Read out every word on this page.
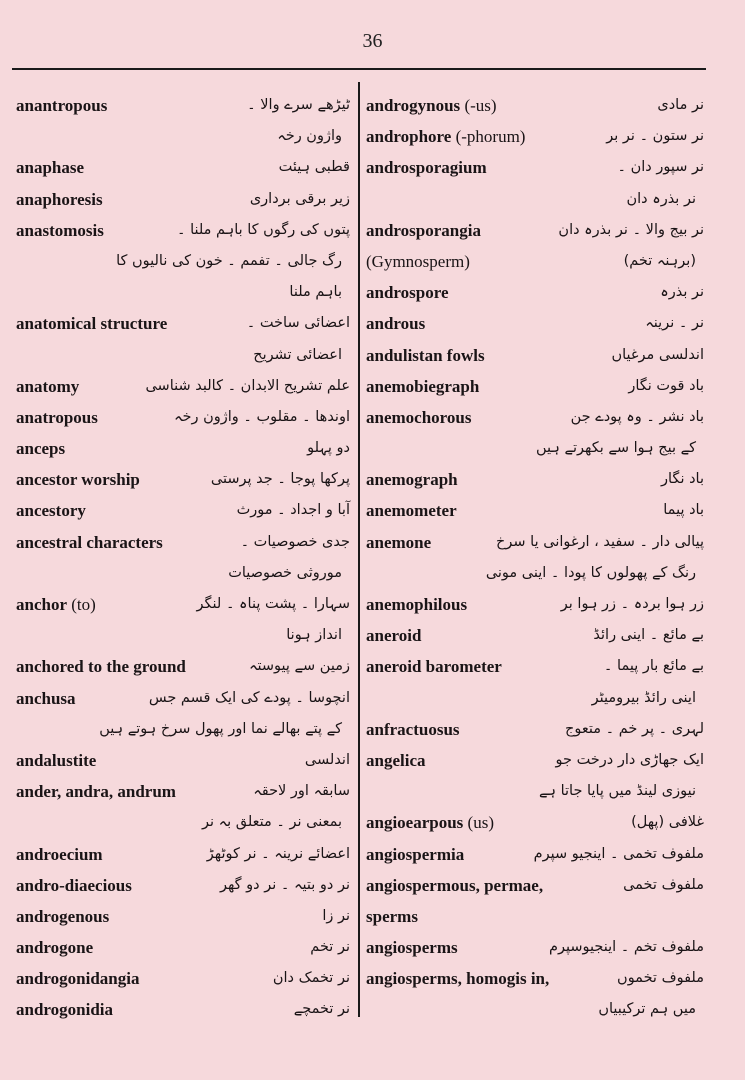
36
anantropous	ٹیڑھے سرے والا ۔
واژون رخہ
anaphase	قطبی ہیئت
anaphoresis	زیر برقی برداری
anastomosis	پتوں کی رگوں کا باہم ملنا ۔
رگ جالی ۔ تفمم ۔ خون کی نالیوں کا
باہم ملنا
anatomical structure	اعضائی ساخت ۔
اعضائی تشریح
anatomy	علم تشریح الابدان ۔ کالبد شناسی
anatropous	اوندھا ۔ مقلوب ۔ واژون رخہ
anceps	دو پہلو
ancestor worship	پرکھا پوجا ۔ جد پرستی
ancestory	آبا و اجداد ۔ مورث
ancestral characters	جدی خصوصیات ۔
موروثی خصوصیات
anchor (to)	سہارا ۔ پشت پناہ ۔ لنگر
انداز ہونا
anchored to the ground	زمین سے پیوستہ
anchusa	انچوسا ۔ پودے کی ایک قسم جس
کے پتے بھالے نما اور پھول سرخ ہوتے ہیں
andalustite	اندلسی
ander, andra, andrum	سابقہ اور لاحقہ
بمعنی نر ۔ متعلق بہ نر
androecium	اعضائے نرینہ ۔ نر کوٹھڑ
andro-diaecious	نر دو بتیہ ۔ نر دو گھر
androgenous	نر زا
androgone	نر تخم
androgonidangia	نر تخمک دان
androgonidia	نر تخمچے
androgynous (-us)	نر مادی
androphore (-phorum)	نر ستون ۔ نر بر
androsporagium	نر سپور دان ۔
نر بذرہ دان
androsporangia	نر بیج والا ۔ نر بذرہ دان
(Gymnosperm)	(برہنہ تخم)
androspore	نر بذرہ
androus	نر ۔ نرینہ
andulistan fowls	اندلسی مرغیاں
anemobiegraph	باد قوت نگار
anemochorous	باد نشر ۔ وہ پودے جن
کے بیج ہوا سے بکھرتے ہیں
anemograph	باد نگار
anemometer	باد پیما
anemone	پیالی دار ۔ سفید ، ارغوانی یا سرخ
رنگ کے پھولوں کا پودا ۔ اینی مونی
anemophilous	زر ہوا بردہ ۔ زر ہوا بر
aneroid	بے مائع ۔ اینی رائڈ
aneroid barometer	بے مائع بار پیما ۔
اینی رائڈ بیرومیٹر
anfractuosus	لہری ۔ پر خم ۔ متعوج
angelica	ایک جھاڑی دار درخت جو
نیوزی لینڈ میں پایا جاتا ہے
angioearpous (us)	غلافی (پھل)
angiospermia	ملفوف تخمی ۔ اینجیو سپرم
angiospermous, permae,	ملفوف تخمی
sperms
angiosperms	ملفوف تخم ۔ اینجیوسپرم
angiosperms, homogis in,	ملفوف تخموں
میں ہم ترکیبیاں
